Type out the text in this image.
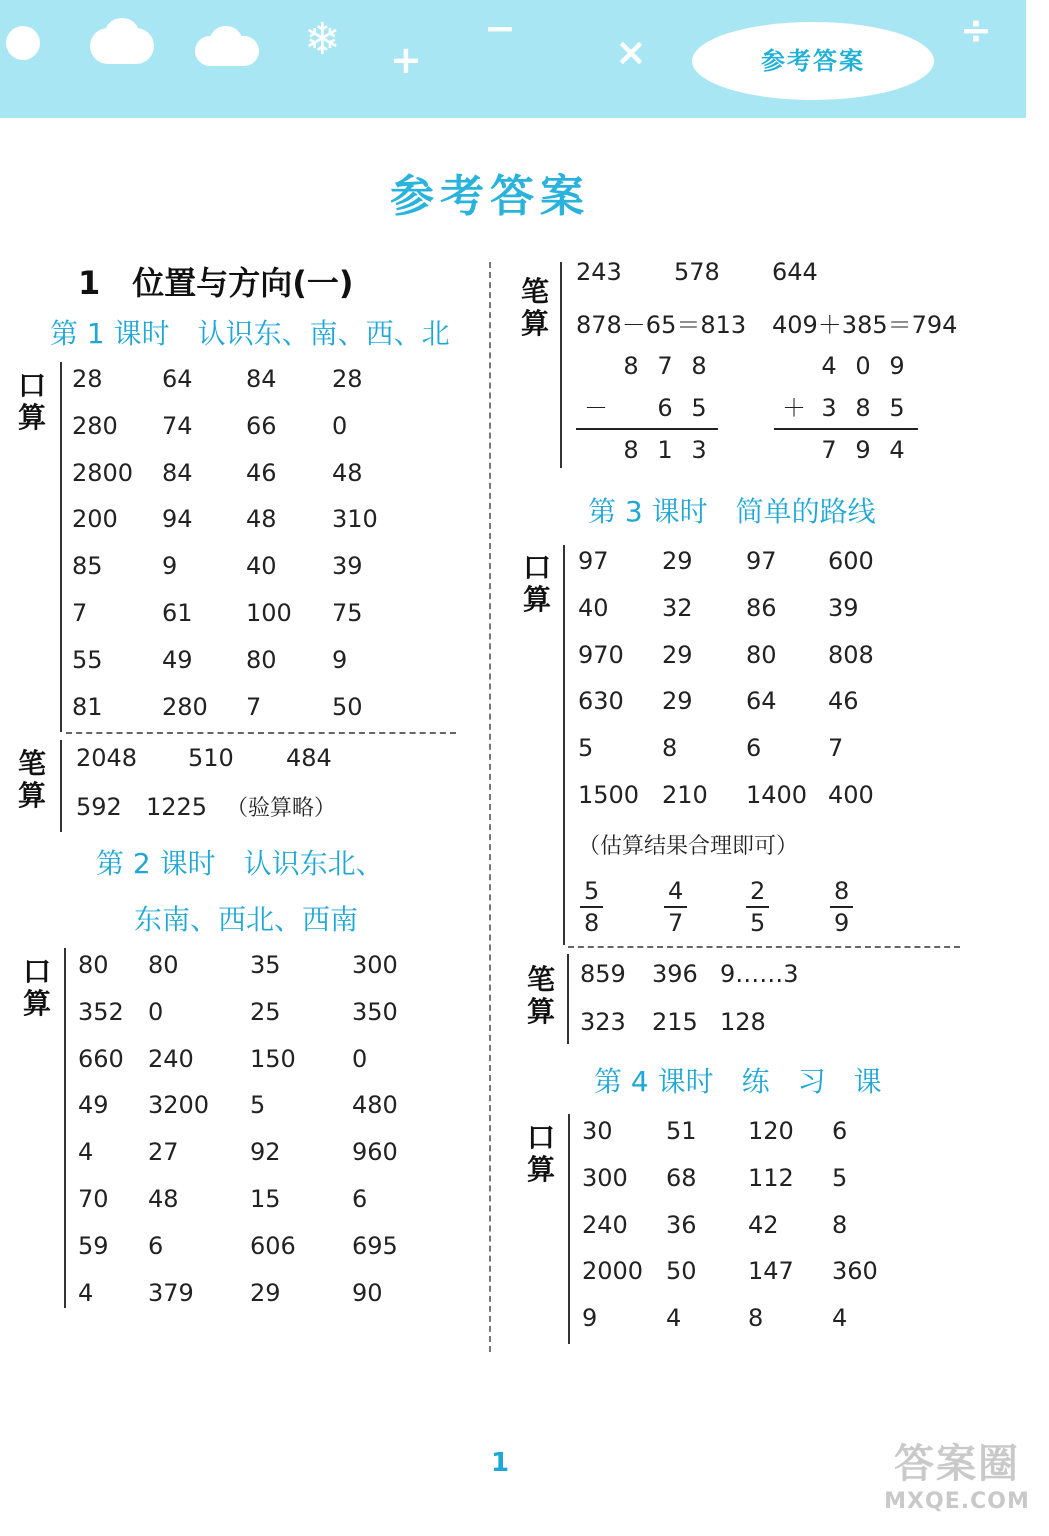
❄ +
−
×	÷
参考答案
参考答案
1　位置与方向(一)
第 1 课时　认识东、南、西、北
口算
28	64	84	28
280	74	66	0
2800	84	46	48
200	94	48	310
85	9	40	39
7	61	100	75
55	49	80	9
81	280	7	50
笔算
2048 510 484
592 1225 （验算略）
第 2 课时　认识东北、
东南、西北、西南
口算
80	80	35	300
352	0	25	350
660	240	150	0
49	3200	5	480
4	27	92	960
70	48	15	6
59	6	606	695
4	379	29	90
笔算
243 578 644
878－65＝813 409＋385＝794
8 7 8
－	6 5
8 1 3
4 0 9
＋ 3 8 5
7 9 4
第 3 课时　简单的路线
口算
97	29	97	600
40	32	86	39
970	29	80	808
630	29	64	46
5	8	6	7
1500 210	1400 400
（估算结果合理即可）
$\frac{5}{8}$	$\frac{4}{7} \frac{2}{5}$	$\frac{8}{9}$
笔算
859 396 9……3
323 215 128
第 4 课时　练　习　课
口算
30	51	120	6
300	68	112	5
240	36	42	8
2000 50	147	360
9	4	8	4
1	答案圈
MXQE.COM
